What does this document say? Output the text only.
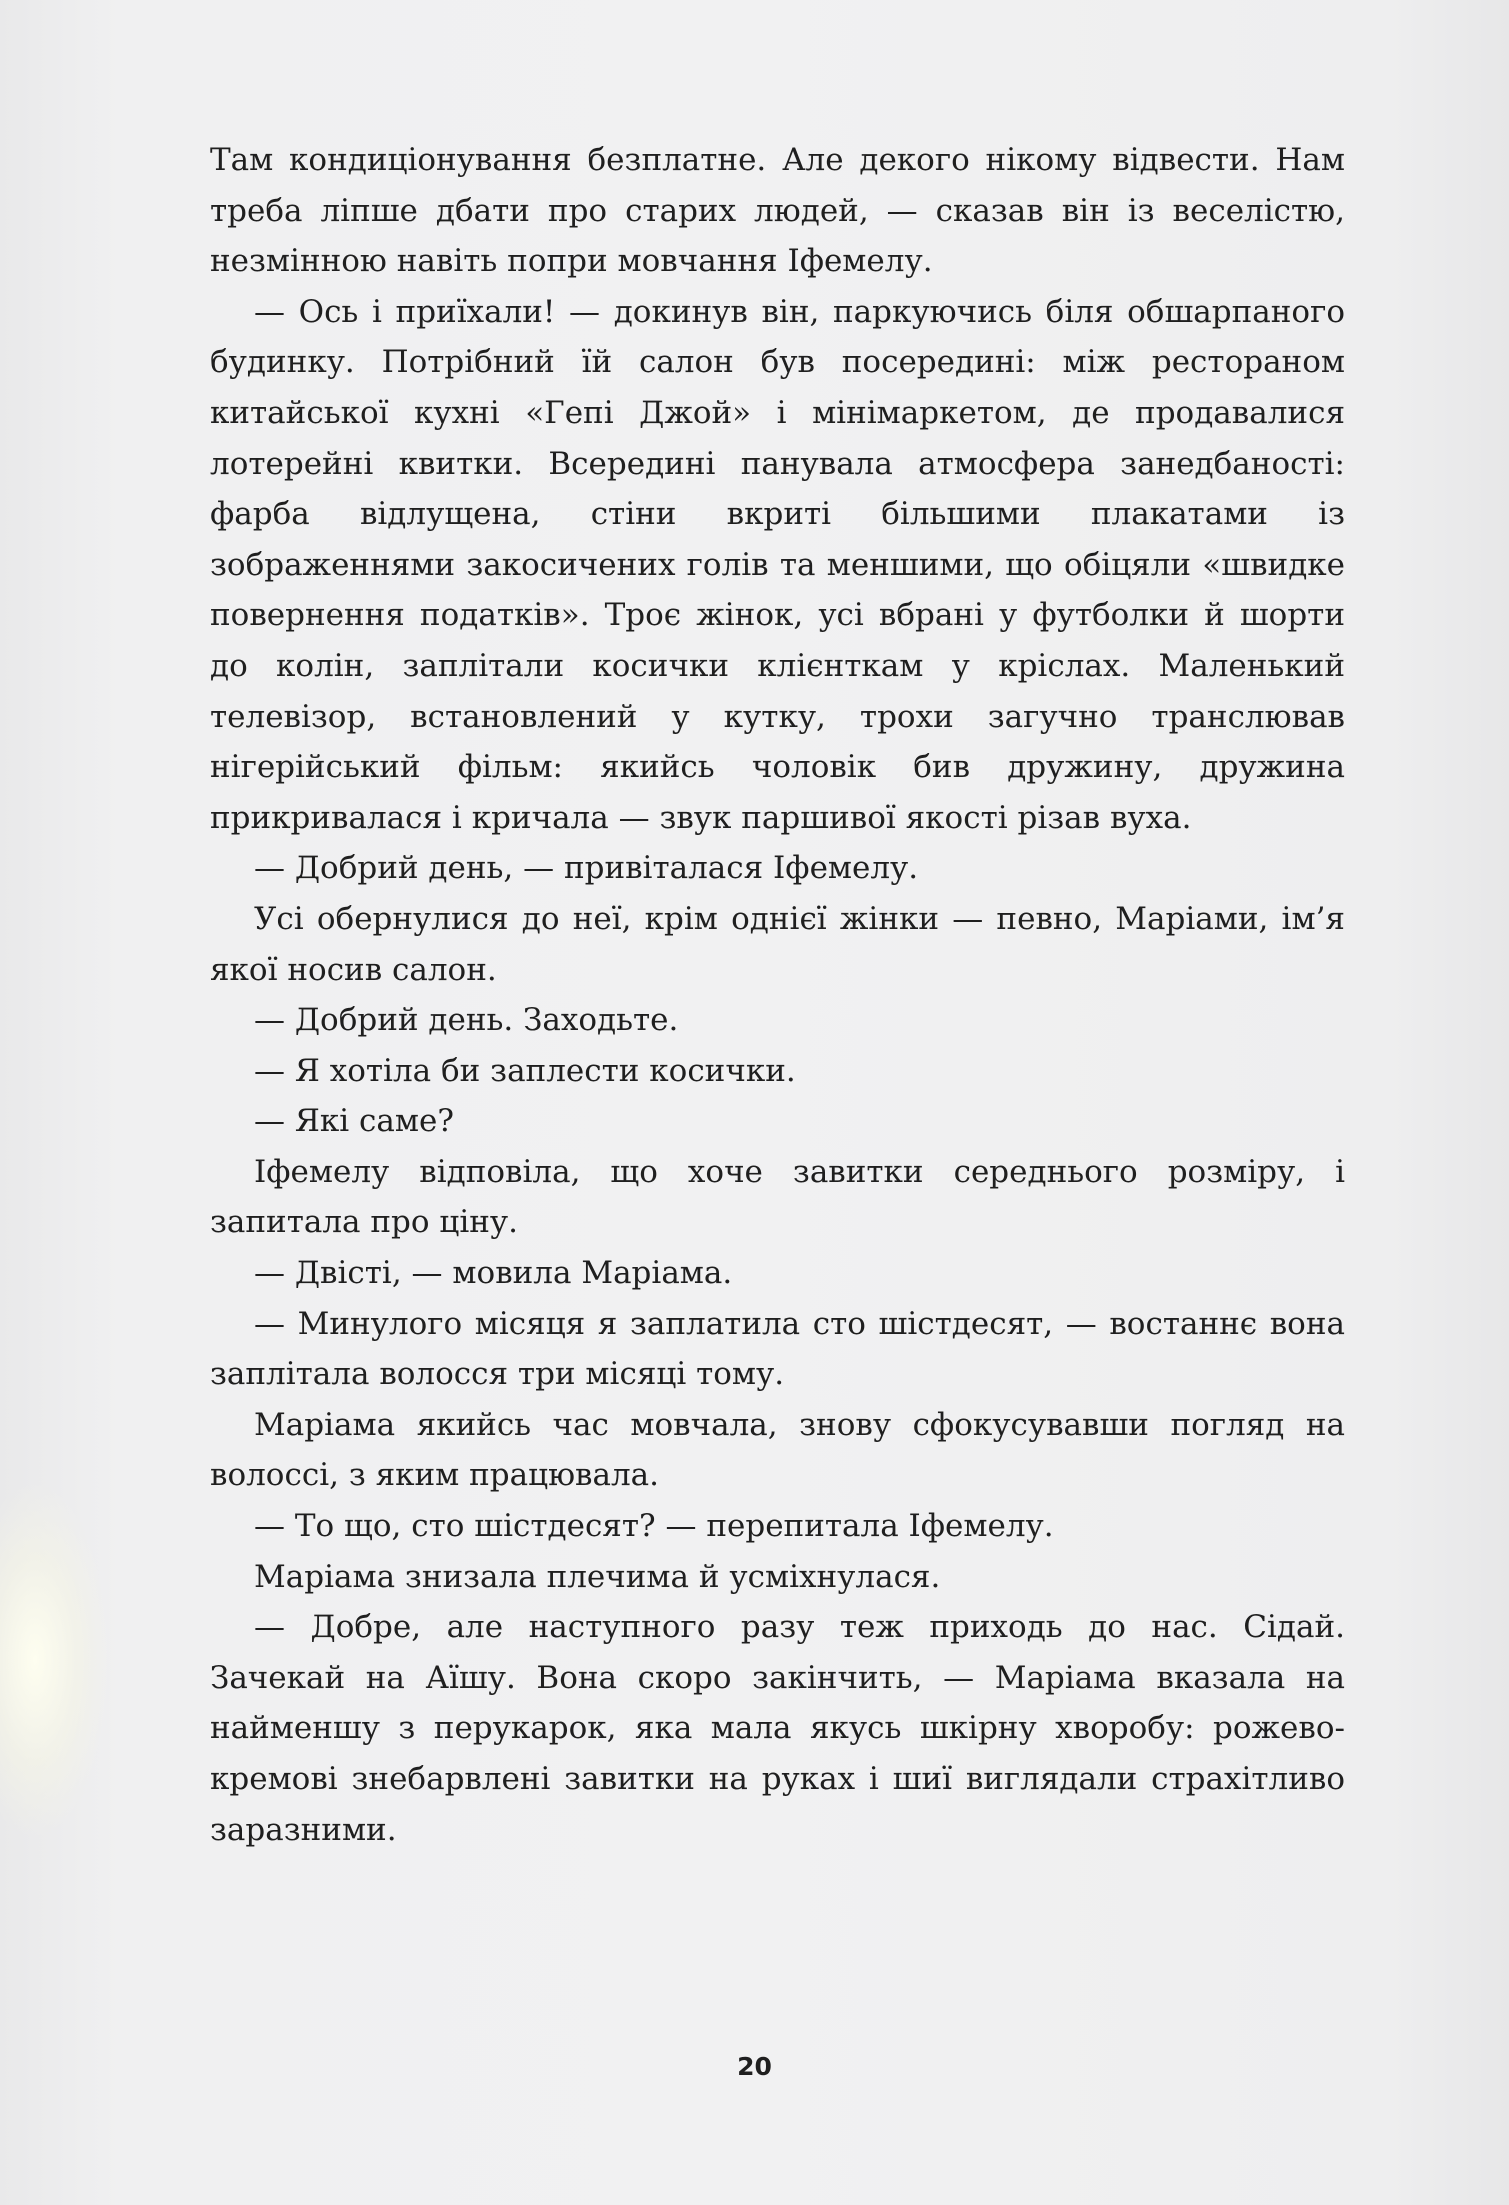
Там кондиціонування безплатне. Але декого нікому відвести. Нам треба ліпше дбати про старих людей, — сказав він із веселістю, незмінною навіть попри мовчання Іфемелу.

— Ось і приїхали! — докинув він, паркуючись біля обшарпаного будинку. Потрібний їй салон був посередині: між рестораном китайської кухні «Гепі Джой» і мінімаркетом, де продавалися лотерейні квитки. Всередині панувала атмосфера занедбаності: фарба відлущена, стіни вкриті більшими плакатами із зображеннями закосичених голів та меншими, що обіцяли «швидке повернення податків». Троє жінок, усі вбрані у футболки й шорти до колін, заплітали косички клієнткам у кріслах. Маленький телевізор, встановлений у кутку, трохи загучно транслював нігерійський фільм: якийсь чоловік бив дружину, дружина прикривалася і кричала — звук паршивої якості різав вуха.

— Добрий день, — привіталася Іфемелу.

Усі обернулися до неї, крім однієї жінки — певно, Маріами, ім’я якої носив салон.

— Добрий день. Заходьте.

— Я хотіла би заплести косички.

— Які саме?

Іфемелу відповіла, що хоче завитки середнього розміру, і запитала про ціну.

— Двісті, — мовила Маріама.

— Минулого місяця я заплатила сто шістдесят, — востаннє вона заплітала волосся три місяці тому.

Маріама якийсь час мовчала, знову сфокусувавши погляд на волоссі, з яким працювала.

— То що, сто шістдесят? — перепитала Іфемелу.

Маріама знизала плечима й усміхнулася.

— Добре, але наступного разу теж приходь до нас. Сідай. Зачекай на Аїшу. Вона скоро закінчить, — Маріама вказала на найменшу з перукарок, яка мала якусь шкірну хворобу: рожево-кремові знебарвлені завитки на руках і шиї виглядали страхітливо заразними.

20
